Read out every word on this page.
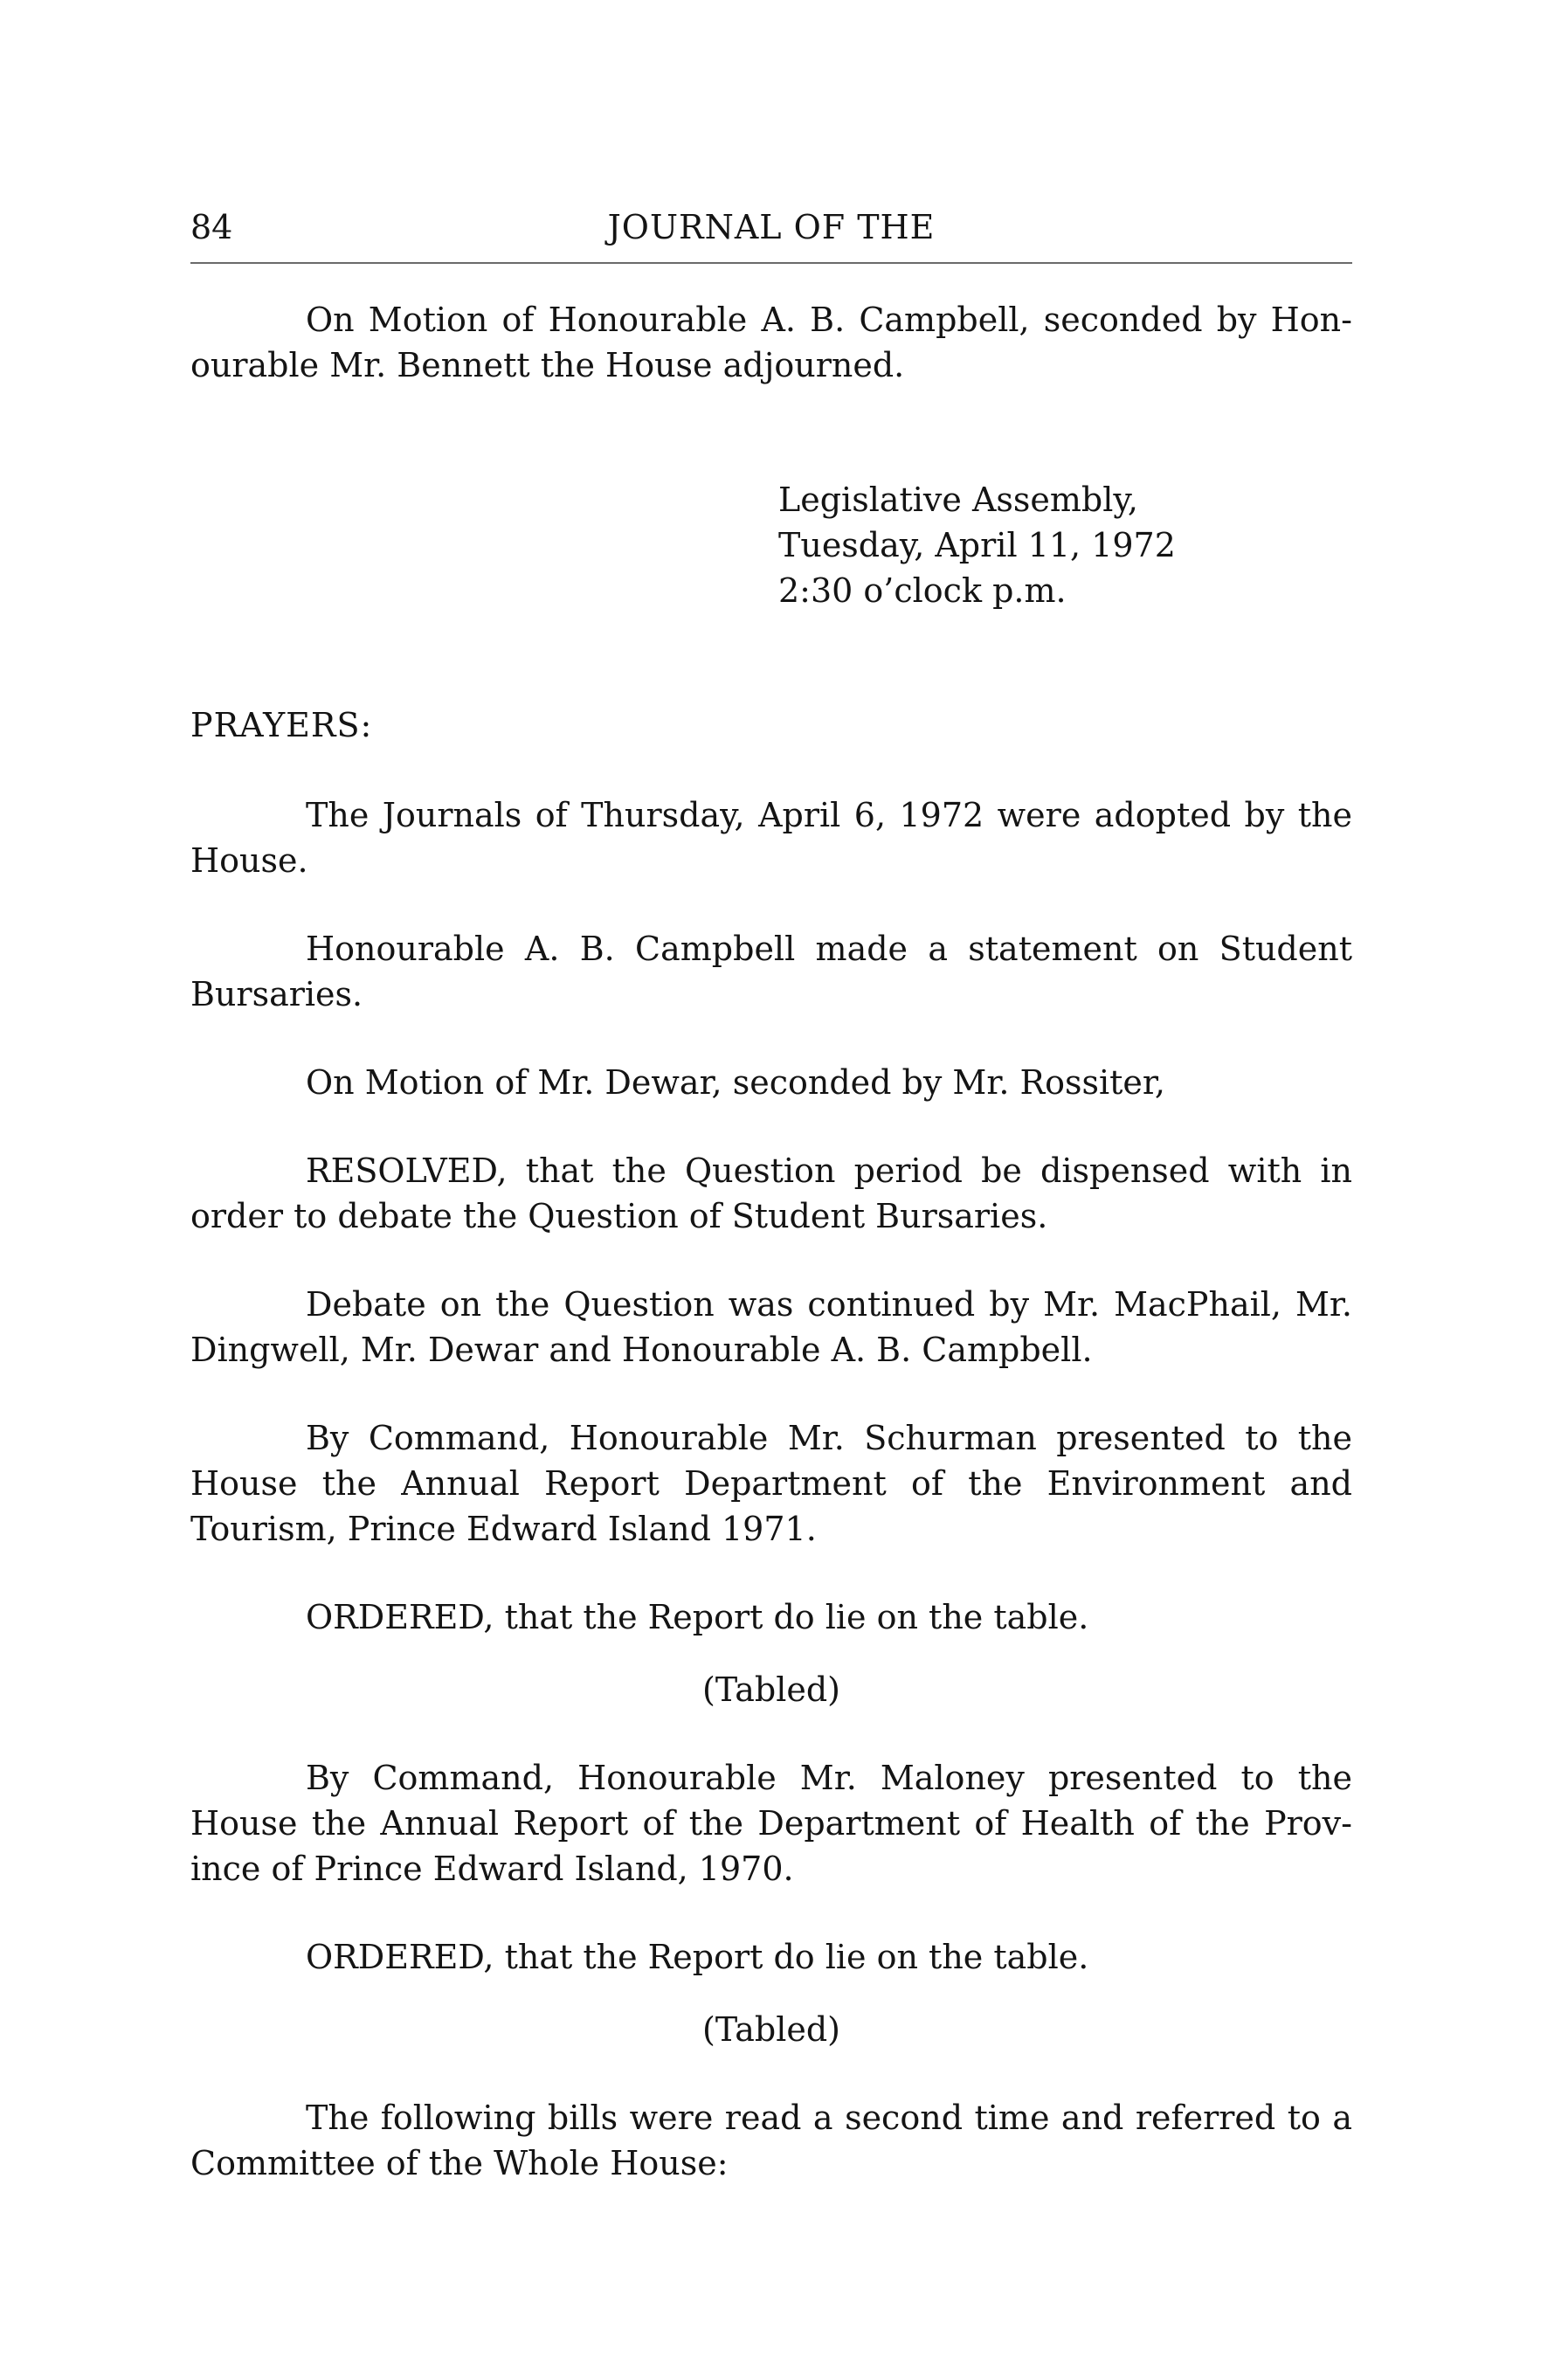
84	JOURNAL OF THE

On Motion of Honourable A. B. Campbell, seconded by Hon-ourable Mr. Bennett the House adjourned.

Legislative Assembly,
Tuesday, April 11, 1972
2:30 o’clock p.m.
PRAYERS:

The Journals of Thursday, April 6, 1972 were adopted by the House.

Honourable A. B. Campbell made a statement on Student Bursaries.

On Motion of Mr. Dewar, seconded by Mr. Rossiter,

RESOLVED, that the Question period be dispensed with in order to debate the Question of Student Bursaries.

Debate on the Question was continued by Mr. MacPhail, Mr. Dingwell, Mr. Dewar and Honourable A. B. Campbell.

By Command, Honourable Mr. Schurman presented to the House the Annual Report Department of the Environment and Tourism, Prince Edward Island 1971.

ORDERED, that the Report do lie on the table.

(Tabled)

By Command, Honourable Mr. Maloney presented to the House the Annual Report of the Department of Health of the Prov-ince of Prince Edward Island, 1970.

ORDERED, that the Report do lie on the table.

(Tabled)

The following bills were read a second time and referred to a Committee of the Whole House:
